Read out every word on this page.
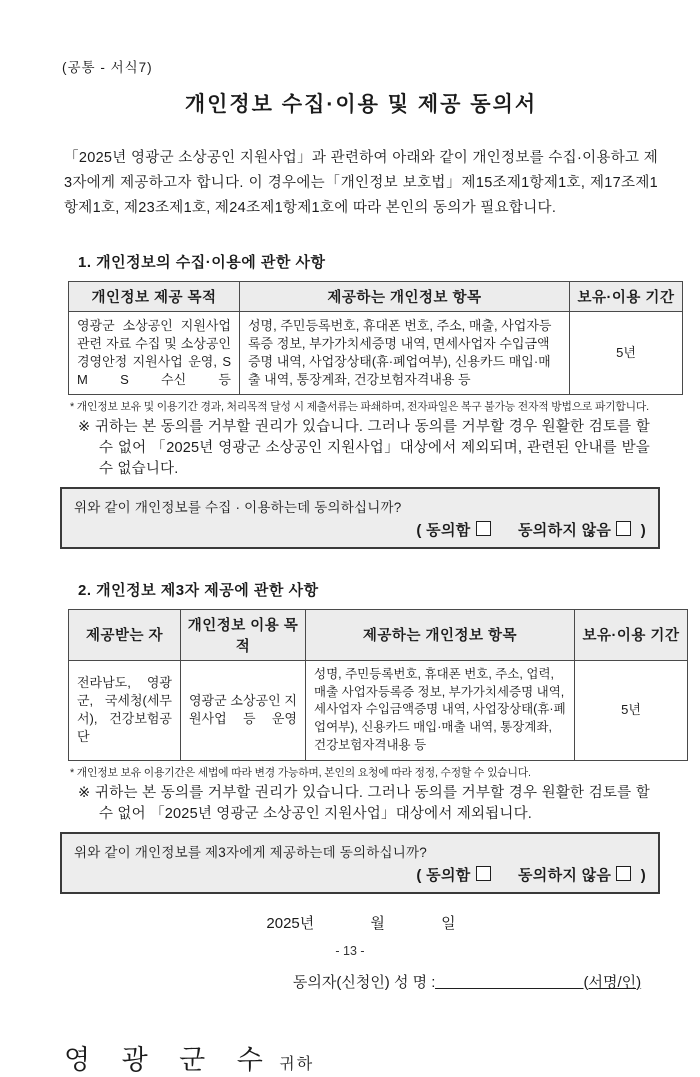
(공통 - 서식7)
개인정보 수집·이용 및 제공 동의서
「2025년 영광군 소상공인 지원사업」과 관련하여 아래와 같이 개인정보를 수집·이용하고 제3자에게 제공하고자 합니다. 이 경우에는「개인정보 보호법」제15조제1항제1호, 제17조제1항제1호, 제23조제1호, 제24조제1항제1호에 따라 본인의 동의가 필요합니다.
1. 개인정보의 수집·이용에 관한 사항
개인정보 제공 목적	제공하는 개인정보 항목	보유·이용 기간
영광군 소상공인 지원사업 관련 자료 수집 및 소상공인 경영안정 지원사업 운영, S M S 수신 등	성명, 주민등록번호, 휴대폰 번호, 주소, 매출, 사업자등록증 정보, 부가가치세증명 내역, 면세사업자 수입금액증명 내역, 사업장상태(휴·폐업여부), 신용카드 매입·매출 내역, 통장계좌, 건강보험자격내용 등	5년
* 개인정보 보유 및 이용기간 경과, 처리목적 달성 시 제출서류는 파쇄하며, 전자파일은 복구 불가능 전자적 방법으로 파기합니다.
※ 귀하는 본 동의를 거부할 권리가 있습니다. 그러나 동의를 거부할 경우 원활한 검토를 할 수 없어 「2025년 영광군 소상공인 지원사업」대상에서 제외되며, 관련된 안내를 받을 수 없습니다.
위와 같이 개인정보를 수집 · 이용하는데 동의하십니까?
( 동의함	동의하지 않음 )
2. 개인정보 제3자 제공에 관한 사항
제공받는 자	개인정보 이용 목적	제공하는 개인정보 항목	보유·이용 기간
전라남도, 영광군, 국세청(세무서), 건강보험공단	영광군 소상공인 지원사업 등 운영	성명, 주민등록번호, 휴대폰 번호, 주소, 업력, 매출 사업자등록증 정보, 부가가치세증명 내역, 세사업자 수입금액증명 내역, 사업장상태(휴·폐업여부), 신용카드 매입·매출 내역, 통장계좌, 건강보험자격내용 등	5년
* 개인정보 보유 이용기간은 세법에 따라 변경 가능하며, 본인의 요청에 따라 정정, 수정할 수 있습니다.
※ 귀하는 본 동의를 거부할 권리가 있습니다. 그러나 동의를 거부할 경우 원활한 검토를 할 수 없어 「2025년 영광군 소상공인 지원사업」대상에서 제외됩니다.
위와 같이 개인정보를 제3자에게 제공하는데 동의하십니까?
( 동의함	동의하지 않음 )
2025년	월	일
동의자(신청인) 성 명 :	(서명/인)
영 광 군 수 귀하
- 13 -
